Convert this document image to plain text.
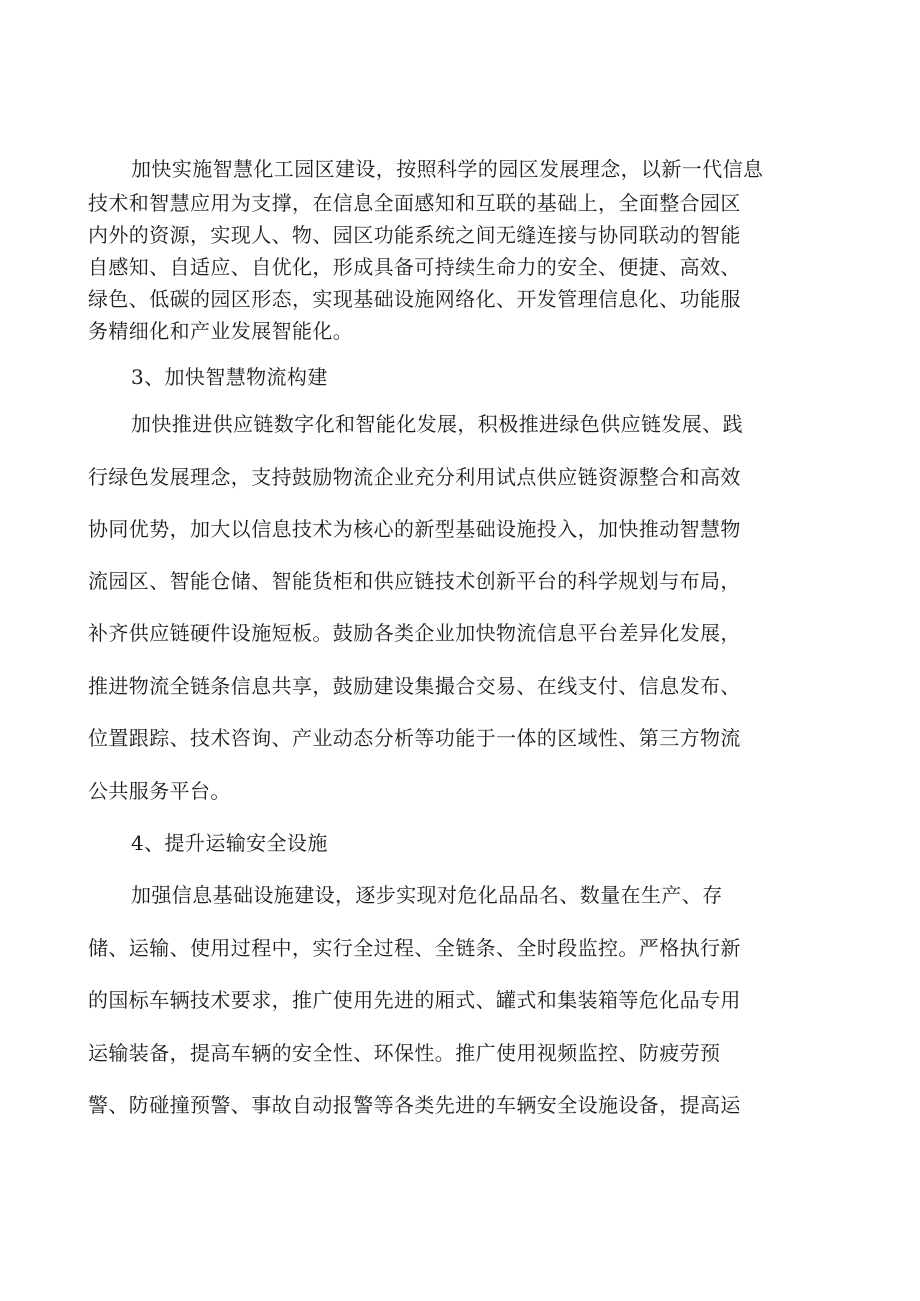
加快实施智慧化工园区建设，按照科学的园区发展理念，以新一代信息
技术和智慧应用为支撑，在信息全面感知和互联的基础上，全面整合园区
内外的资源，实现人、物、园区功能系统之间无缝连接与协同联动的智能
自感知、自适应、自优化，形成具备可持续生命力的安全、便捷、高效、
绿色、低碳的园区形态，实现基础设施网络化、开发管理信息化、功能服
务精细化和产业发展智能化。
3、加快智慧物流构建
加快推进供应链数字化和智能化发展，积极推进绿色供应链发展、践
行绿色发展理念，支持鼓励物流企业充分利用试点供应链资源整合和高效
协同优势，加大以信息技术为核心的新型基础设施投入，加快推动智慧物
流园区、智能仓储、智能货柜和供应链技术创新平台的科学规划与布局，
补齐供应链硬件设施短板。鼓励各类企业加快物流信息平台差异化发展，
推进物流全链条信息共享，鼓励建设集撮合交易、在线支付、信息发布、
位置跟踪、技术咨询、产业动态分析等功能于一体的区域性、第三方物流
公共服务平台。
4、提升运输安全设施
加强信息基础设施建设，逐步实现对危化品品名、数量在生产、存
储、运输、使用过程中，实行全过程、全链条、全时段监控。严格执行新
的国标车辆技术要求，推广使用先进的厢式、罐式和集装箱等危化品专用
运输装备，提高车辆的安全性、环保性。推广使用视频监控、防疲劳预
警、防碰撞预警、事故自动报警等各类先进的车辆安全设施设备，提高运
